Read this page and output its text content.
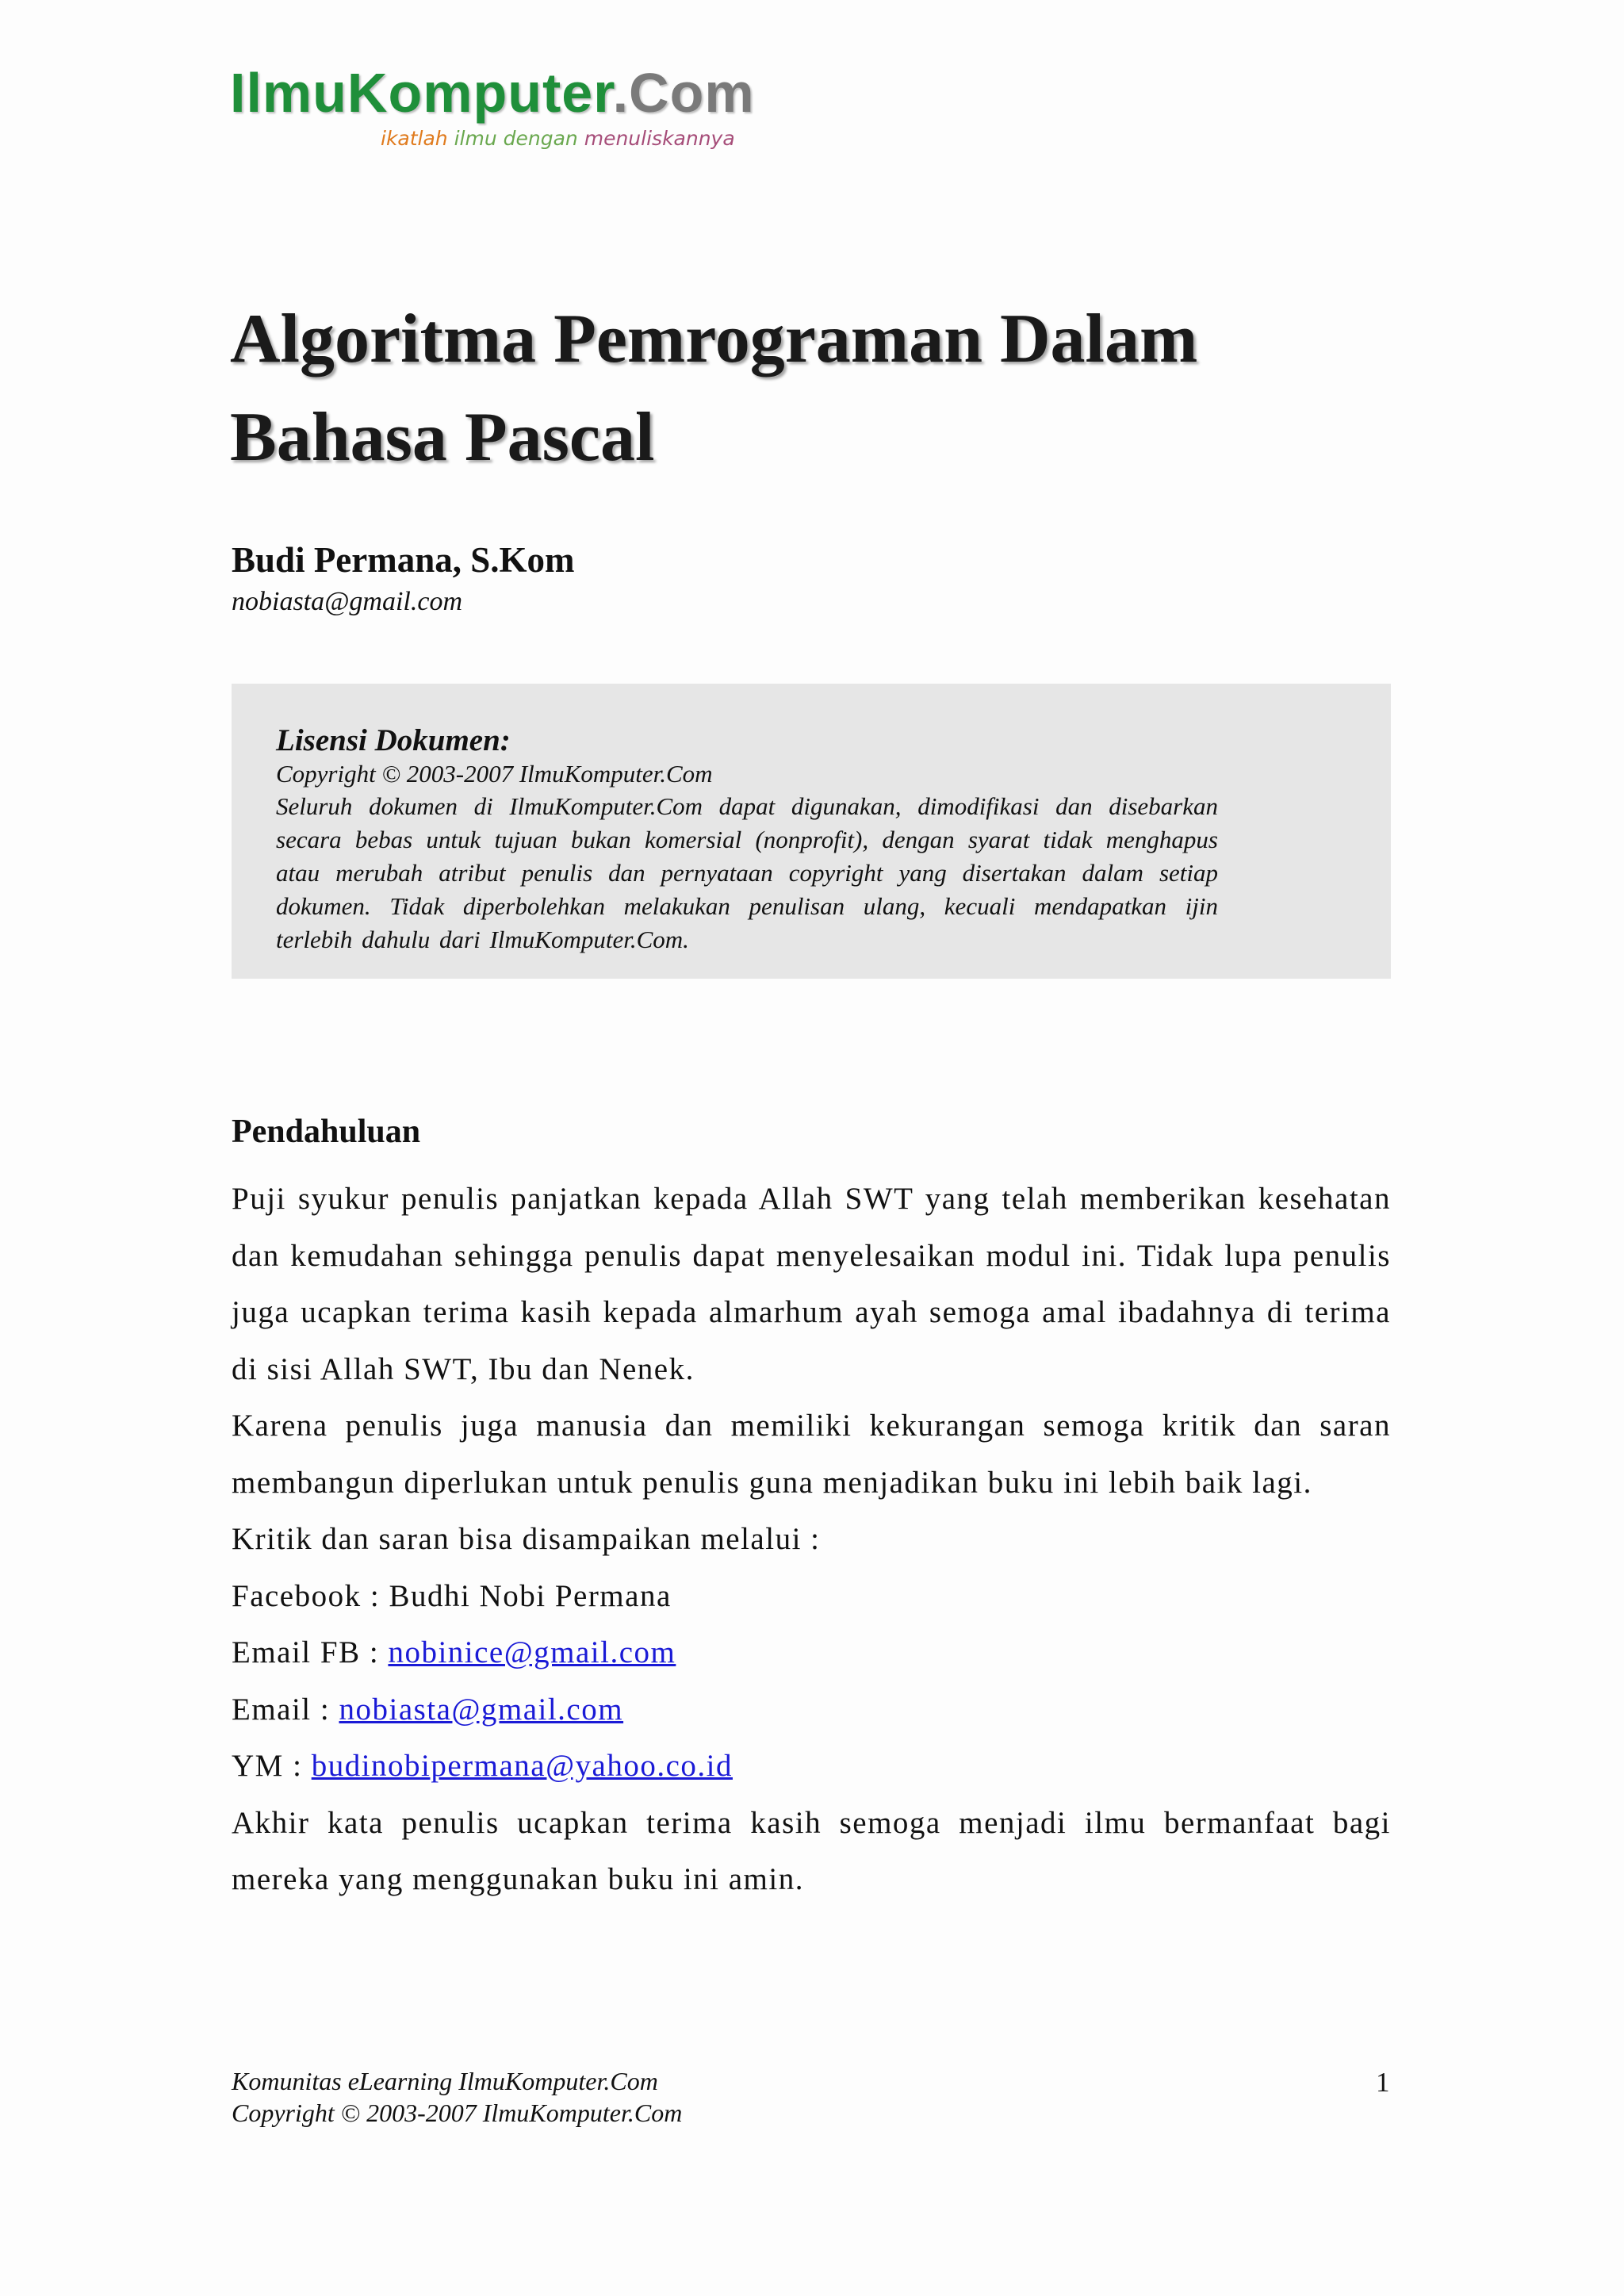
IlmuKomputer.Com
ikatlah ilmu dengan menuliskannya
Algoritma Pemrograman Dalam Bahasa Pascal
Budi Permana, S.Kom
nobiasta@gmail.com

Lisensi Dokumen:

Copyright © 2003-2007 IlmuKomputer.Com

Seluruh dokumen di IlmuKomputer.Com dapat digunakan, dimodifikasi dan disebarkan secara bebas untuk tujuan bukan komersial (nonprofit), dengan syarat tidak menghapus atau merubah atribut penulis dan pernyataan copyright yang disertakan dalam setiap dokumen. Tidak diperbolehkan melakukan penulisan ulang, kecuali mendapatkan ijin terlebih dahulu dari IlmuKomputer.Com.

Pendahuluan

Puji syukur penulis panjatkan kepada Allah SWT yang telah memberikan kesehatan dan kemudahan sehingga penulis dapat menyelesaikan modul ini. Tidak lupa penulis juga ucapkan terima kasih kepada almarhum ayah semoga amal ibadahnya di terima di sisi Allah SWT, Ibu dan Nenek.

Karena penulis juga manusia dan memiliki kekurangan semoga kritik dan saran membangun diperlukan untuk penulis guna menjadikan buku ini lebih baik lagi.

Kritik dan saran bisa disampaikan melalui :

Facebook : Budhi Nobi Permana

Email FB : nobinice@gmail.com

Email : nobiasta@gmail.com

YM : budinobipermana@yahoo.co.id

Akhir kata penulis ucapkan terima kasih semoga menjadi ilmu bermanfaat bagi mereka yang menggunakan buku ini amin.

Komunitas eLearning IlmuKomputer.Com
Copyright © 2003-2007 IlmuKomputer.Com
1
